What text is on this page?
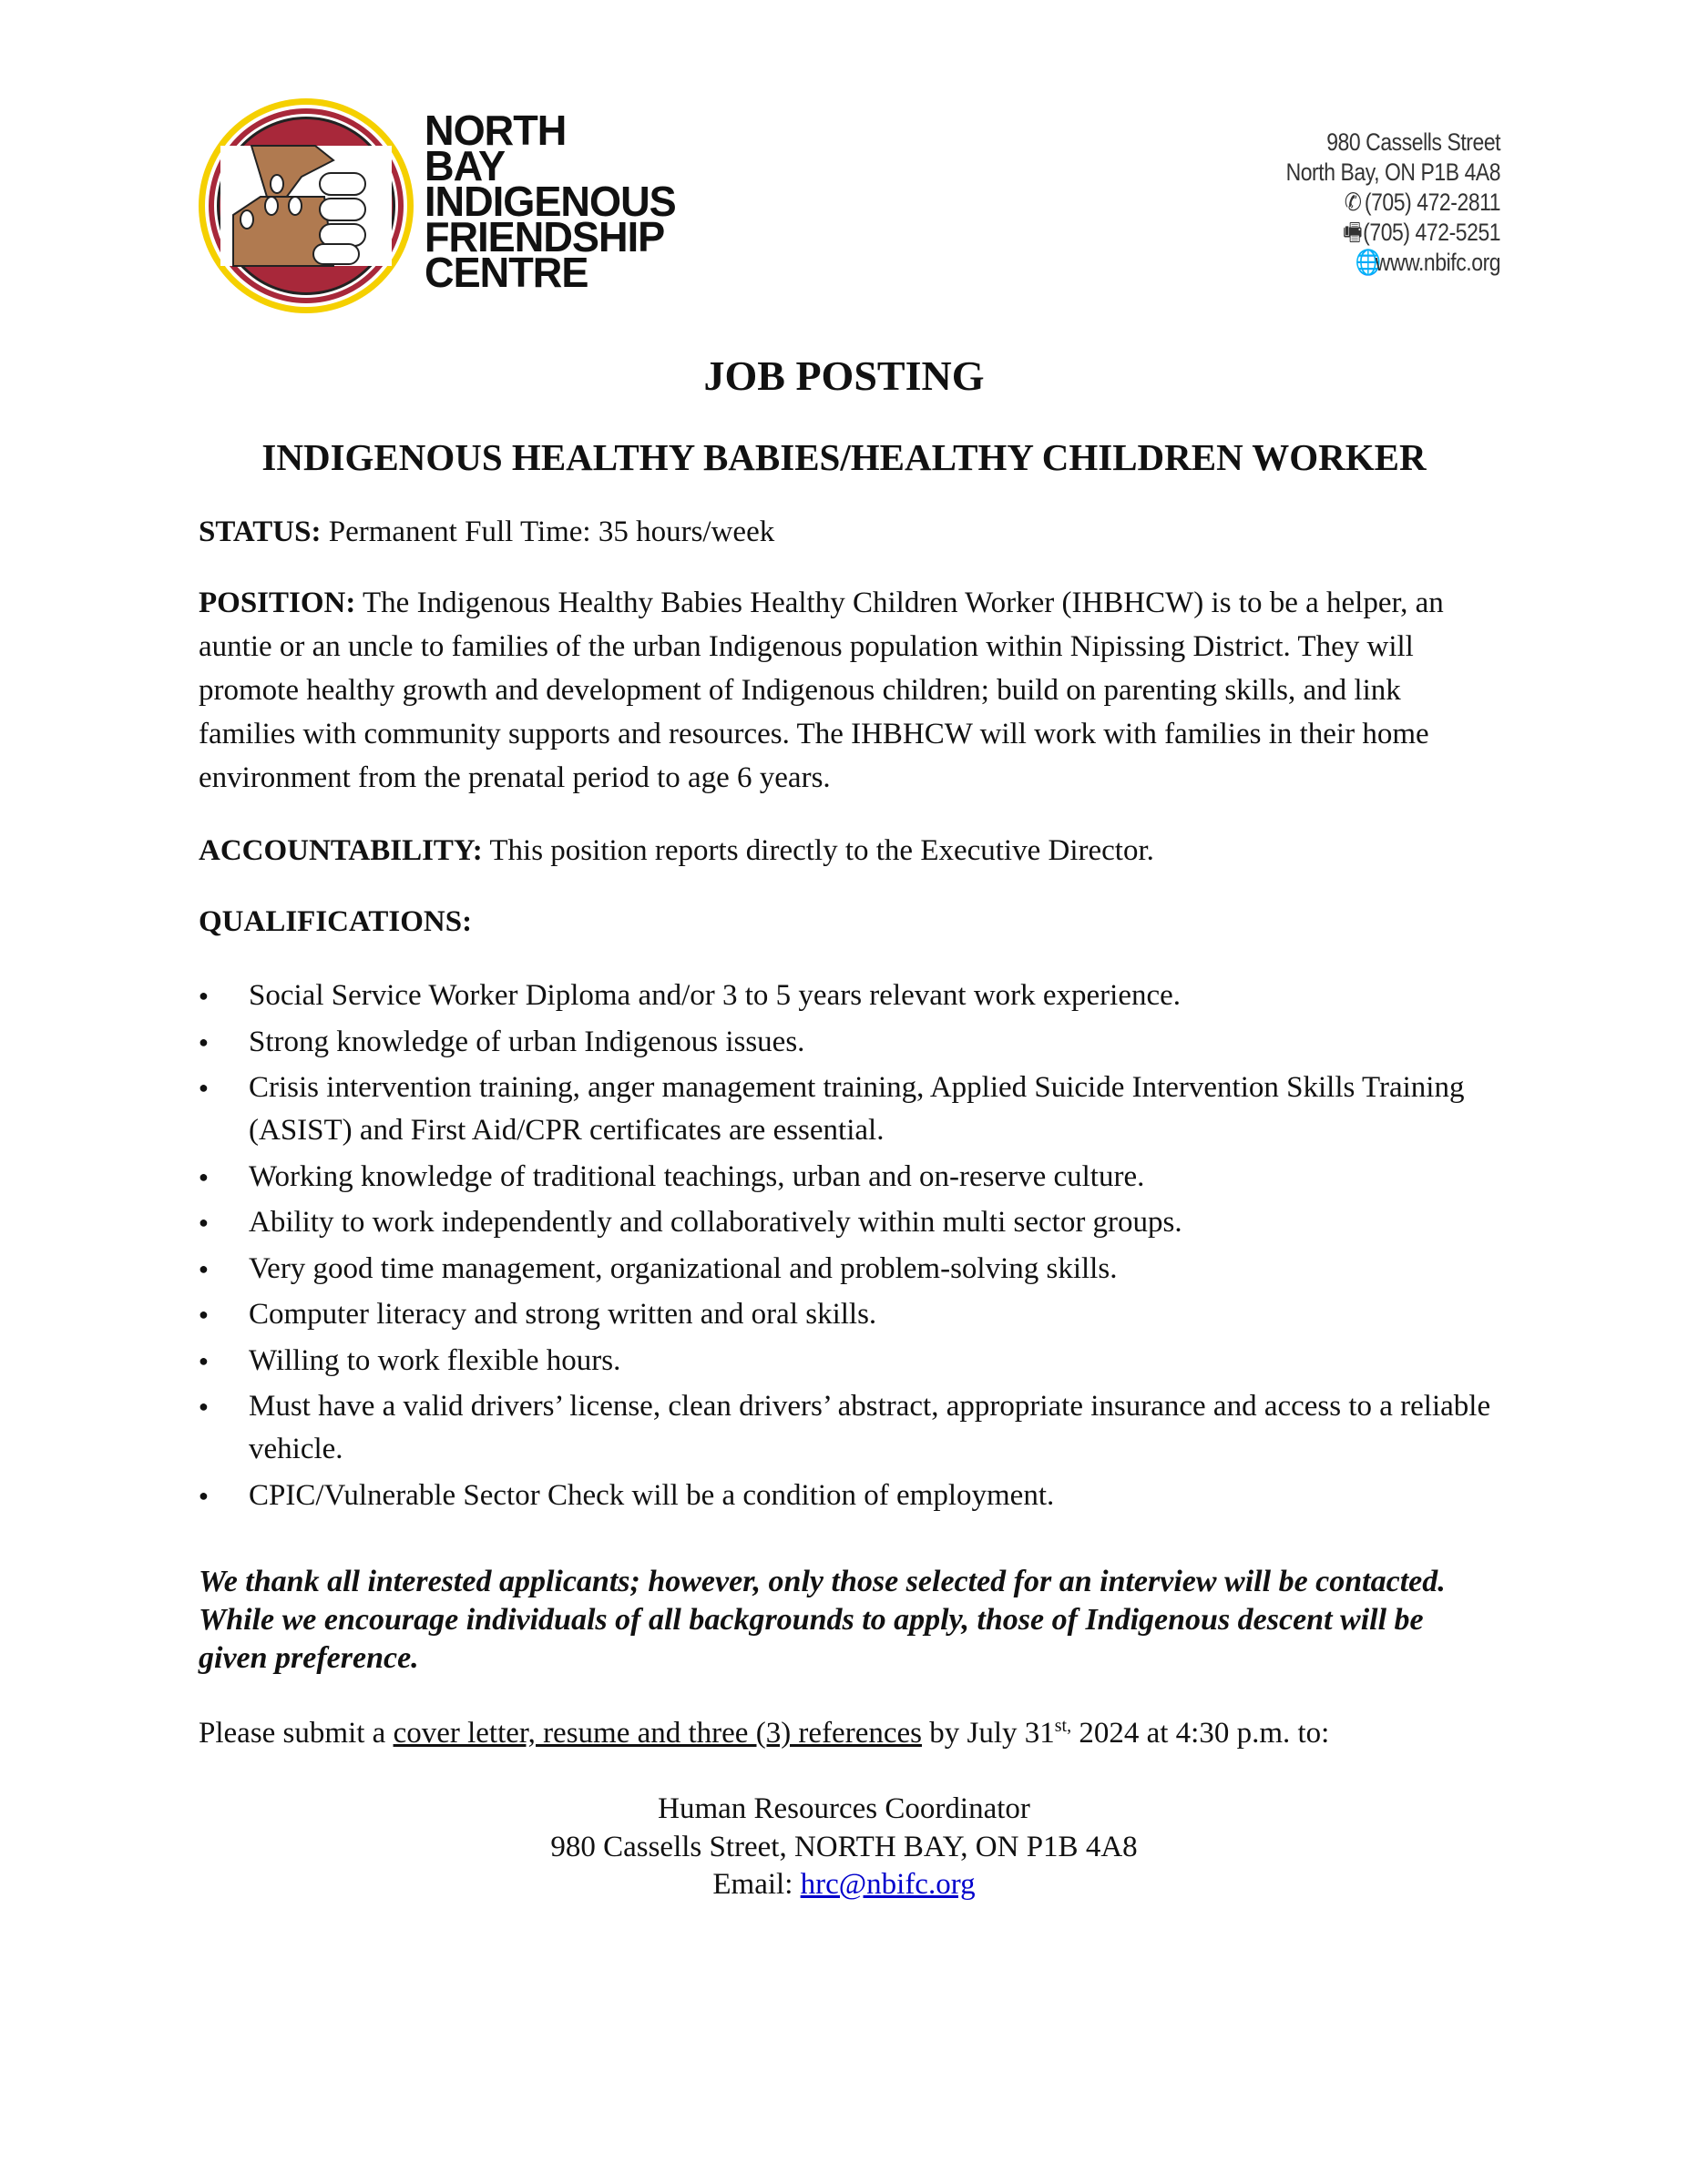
NORTH
BAY
INDIGENOUS
FRIENDSHIP
CENTRE
980 Cassells Street
North Bay, ON P1B 4A8
✆ (705) 472-2811
🖷(705) 472-5251
🌐www.nbifc.org
JOB POSTING
INDIGENOUS HEALTHY BABIES/HEALTHY CHILDREN WORKER
STATUS: Permanent Full Time: 35 hours/week
POSITION: The Indigenous Healthy Babies Healthy Children Worker (IHBHCW) is to be a helper, an auntie or an uncle to families of the urban Indigenous population within Nipissing District. They will promote healthy growth and development of Indigenous children; build on parenting skills, and link families with community supports and resources. The IHBHCW will work with families in their home environment from the prenatal period to age 6 years.
ACCOUNTABILITY: This position reports directly to the Executive Director.
QUALIFICATIONS:
● Social Service Worker Diploma and/or 3 to 5 years relevant work experience.
● Strong knowledge of urban Indigenous issues.
● Crisis intervention training, anger management training, Applied Suicide Intervention Skills Training (ASIST) and First Aid/CPR certificates are essential.
● Working knowledge of traditional teachings, urban and on-reserve culture.
● Ability to work independently and collaboratively within multi sector groups.
● Very good time management, organizational and problem-solving skills.
● Computer literacy and strong written and oral skills.
● Willing to work flexible hours.
● Must have a valid drivers’ license, clean drivers’ abstract, appropriate insurance and access to a reliable vehicle.
● CPIC/Vulnerable Sector Check will be a condition of employment.
We thank all interested applicants; however, only those selected for an interview will be contacted. While we encourage individuals of all backgrounds to apply, those of Indigenous descent will be given preference.
Please submit a cover letter, resume and three (3) references by July $31^{st,}$ 2024 at 4:30 p.m. to:
Human Resources Coordinator
980 Cassells Street, NORTH BAY, ON P1B 4A8
Email: hrc@nbifc.org
